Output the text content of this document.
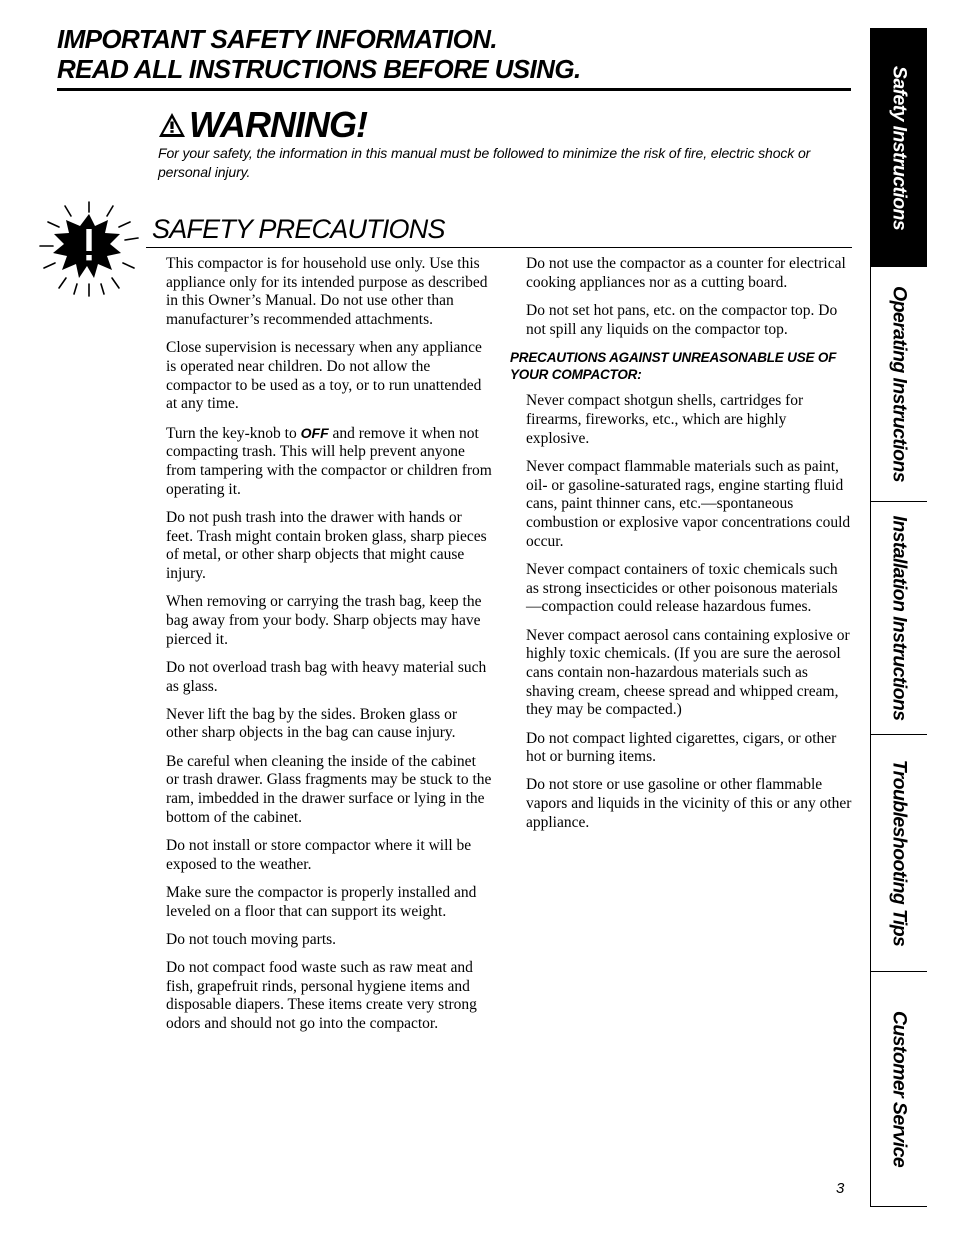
IMPORTANT SAFETY INFORMATION.
READ ALL INSTRUCTIONS BEFORE USING.
WARNING!
For your safety, the information in this manual must be followed to minimize the risk of fire, electric shock or personal injury.
SAFETY PRECAUTIONS

This compactor is for household use only. Use this appliance only for its intended purpose as described in this Owner’s Manual. Do not use other than manufacturer’s recommended attachments.

Close supervision is necessary when any appliance is operated near children. Do not allow the compactor to be used as a toy, or to run unattended at any time.

Turn the key-knob to OFF and remove it when not compacting trash. This will help prevent anyone from tampering with the compactor or children from operating it.

Do not push trash into the drawer with hands or feet. Trash might contain broken glass, sharp pieces of metal, or other sharp objects that might cause injury.

When removing or carrying the trash bag, keep the bag away from your body. Sharp objects may have pierced it.

Do not overload trash bag with heavy material such as glass.

Never lift the bag by the sides. Broken glass or other sharp objects in the bag can cause injury.

Be careful when cleaning the inside of the cabinet or trash drawer. Glass fragments may be stuck to the ram, imbedded in the drawer surface or lying in the bottom of the cabinet.

Do not install or store compactor where it will be exposed to the weather.

Make sure the compactor is properly installed and leveled on a floor that can support its weight.

Do not touch moving parts.

Do not compact food waste such as raw meat and fish, grapefruit rinds, personal hygiene items and disposable diapers. These items create very strong odors and should not go into the compactor.

Do not use the compactor as a counter for electrical cooking appliances nor as a cutting board.

Do not set hot pans, etc. on the compactor top. Do not spill any liquids on the compactor top.

PRECAUTIONS AGAINST UNREASONABLE USE OF YOUR COMPACTOR:

Never compact shotgun shells, cartridges for firearms, fireworks, etc., which are highly explosive.

Never compact flammable materials such as paint, oil- or gasoline-saturated rags, engine starting fluid cans, paint thinner cans, etc.—spontaneous combustion or explosive vapor concentrations could occur.

Never compact containers of toxic chemicals such as strong insecticides or other poisonous materials—compaction could release hazardous fumes.

Never compact aerosol cans containing explosive or highly toxic chemicals. (If you are sure the aerosol cans contain non-hazardous materials such as shaving cream, cheese spread and whipped cream, they may be compacted.)

Do not compact lighted cigarettes, cigars, or other hot or burning items.

Do not store or use gasoline or other flammable vapors and liquids in the vicinity of this or any other appliance.

3
Safety Instructions
Operating Instructions
Installation Instructions
Troubleshooting Tips
Customer Service
